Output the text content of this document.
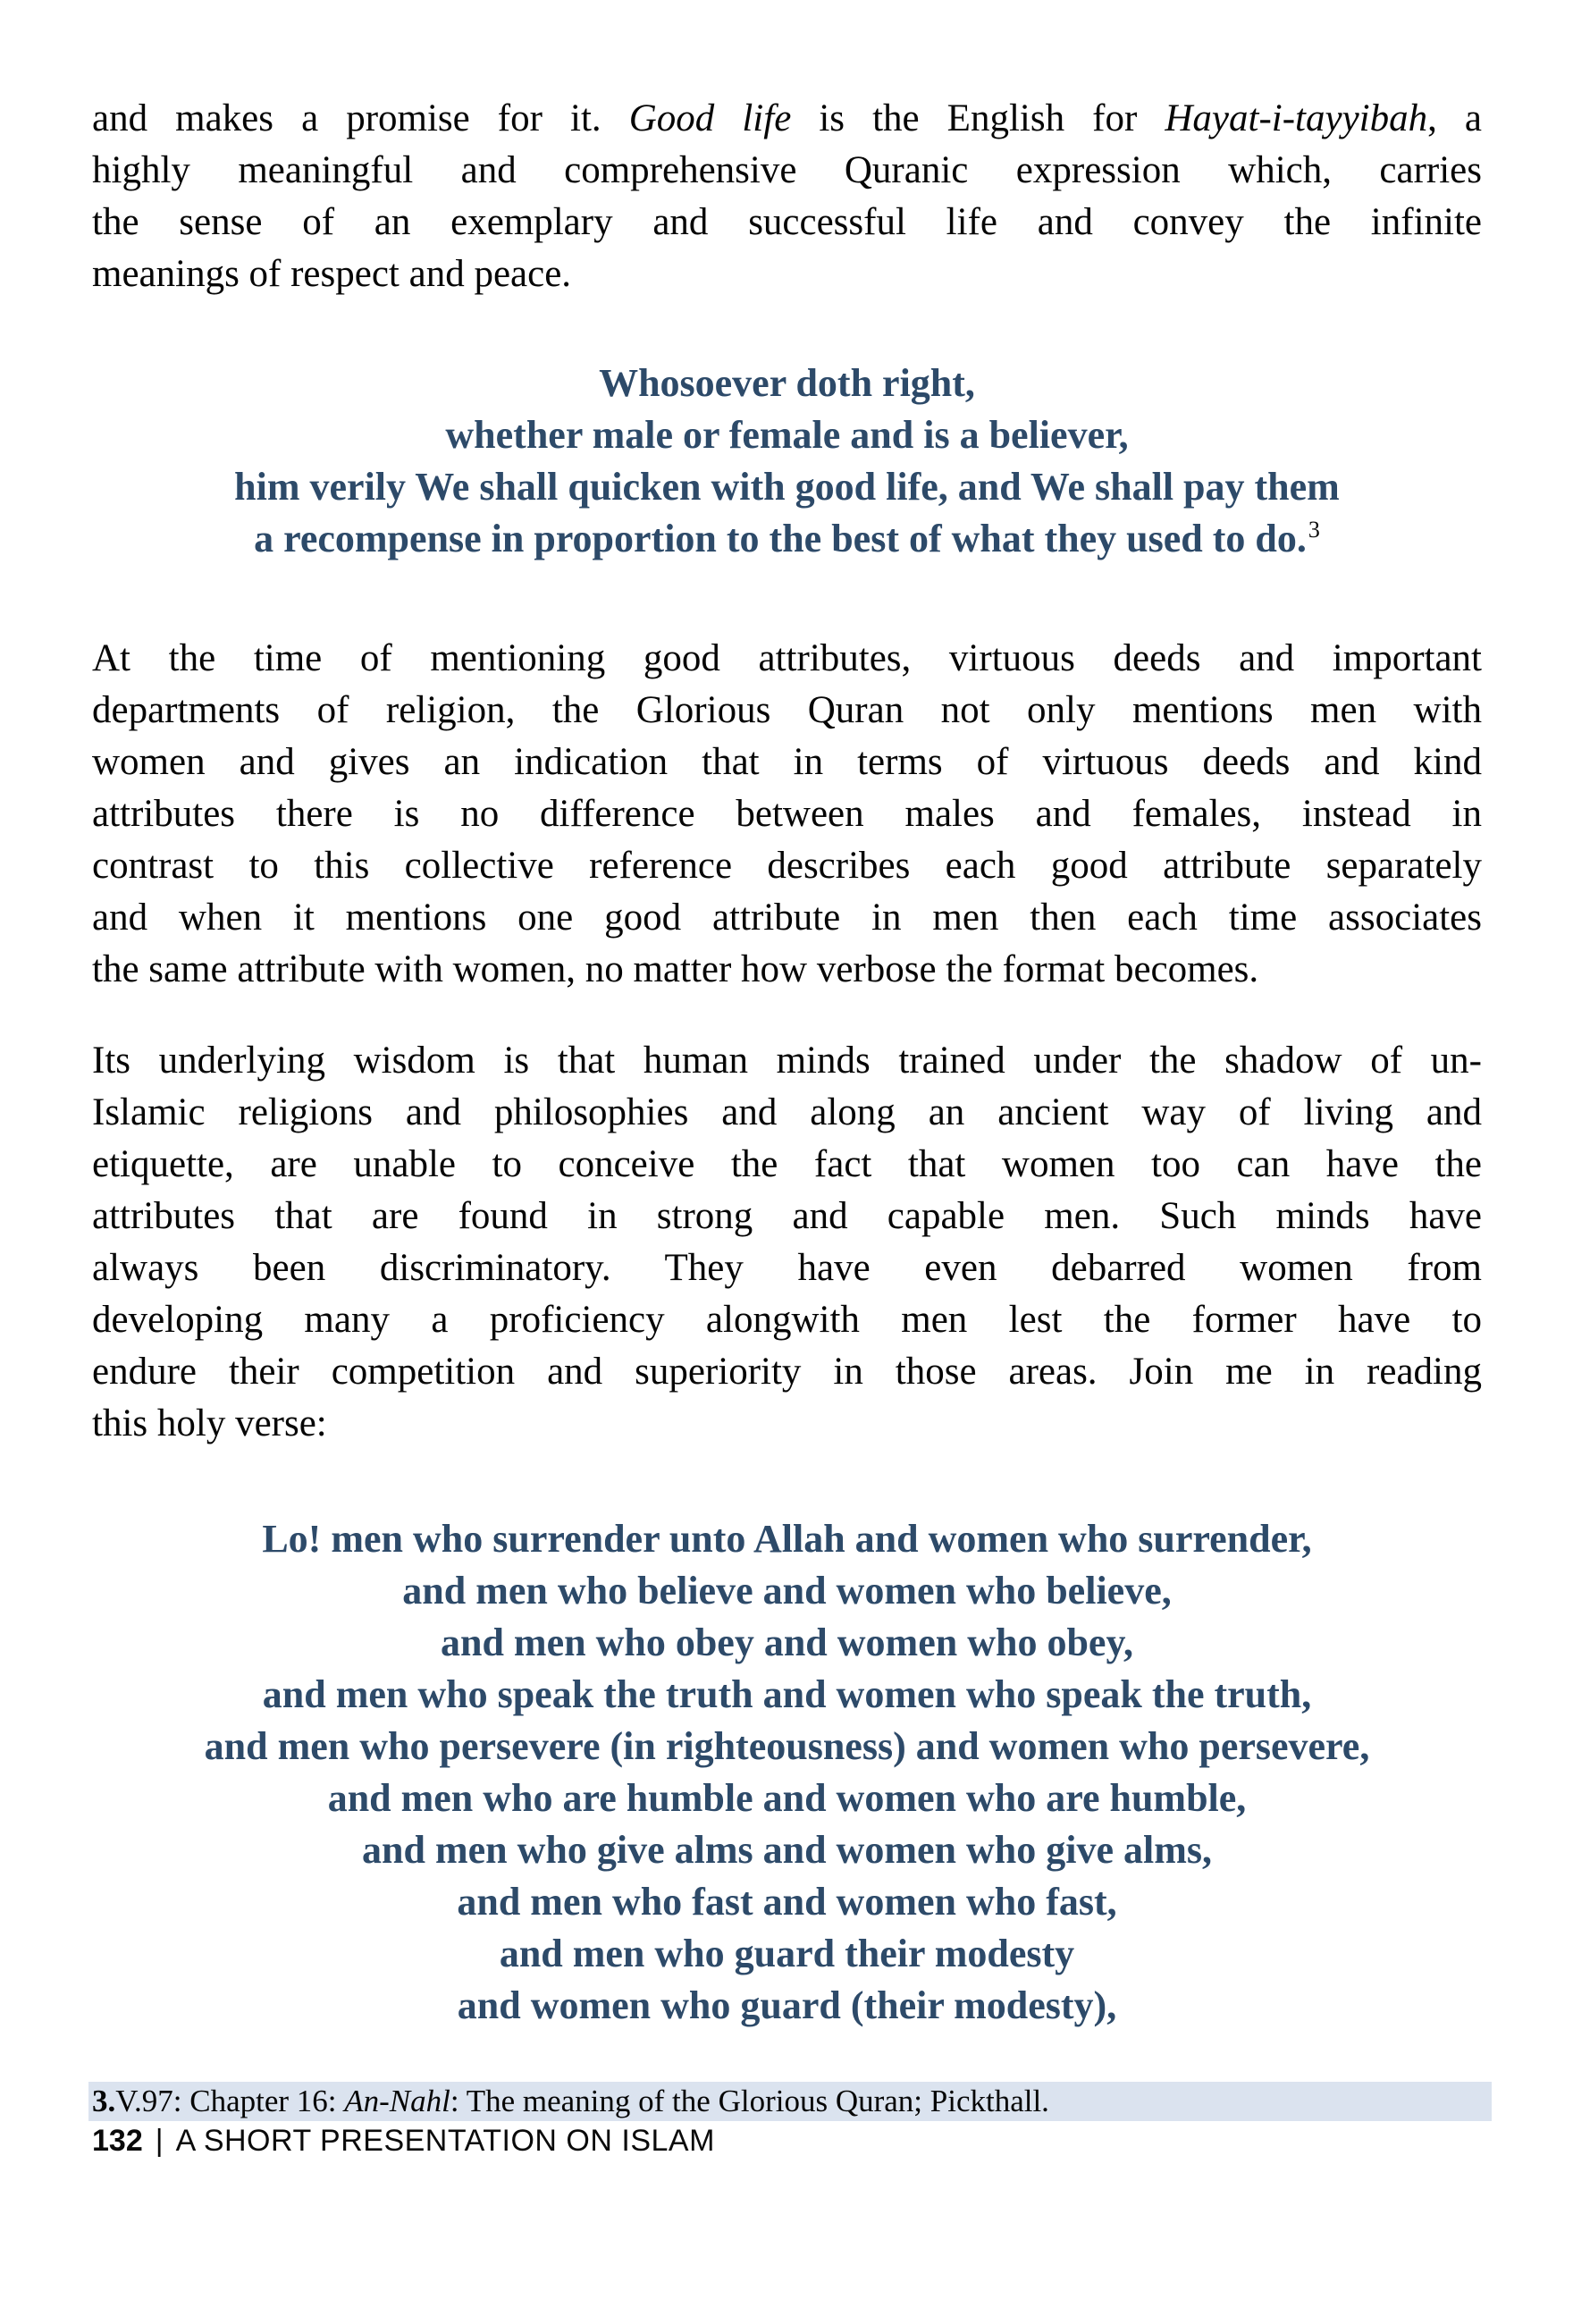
and makes a promise for it. Good life is the English for Hayat-i-tayyibah, a
highly meaningful and comprehensive Quranic expression which, carries
the sense of an exemplary and successful life and convey the infinite
meanings of respect and peace.
Whosoever doth right,
whether male or female and is a believer,
him verily We shall quicken with good life, and We shall pay them
a recompense in proportion to the best of what they used to do.$^3$
At the time of mentioning good attributes, virtuous deeds and important
departments of religion, the Glorious Quran not only mentions men with
women and gives an indication that in terms of virtuous deeds and kind
attributes there is no difference between males and females, instead in
contrast to this collective reference describes each good attribute separately
and when it mentions one good attribute in men then each time associates
the same attribute with women, no matter how verbose the format becomes.
Its underlying wisdom is that human minds trained under the shadow of un-
Islamic religions and philosophies and along an ancient way of living and
etiquette, are unable to conceive the fact that women too can have the
attributes that are found in strong and capable men. Such minds have
always been discriminatory. They have even debarred women from
developing many a proficiency alongwith men lest the former have to
endure their competition and superiority in those areas. Join me in reading
this holy verse:
Lo! men who surrender unto Allah and women who surrender,
and men who believe and women who believe,
and men who obey and women who obey,
and men who speak the truth and women who speak the truth,
and men who persevere (in righteousness) and women who persevere,
and men who are humble and women who are humble,
and men who give alms and women who give alms,
and men who fast and women who fast,
and men who guard their modesty
and women who guard (their modesty),
3.V.97: Chapter 16: An-Nahl: The meaning of the Glorious Quran; Pickthall.
132 | A SHORT PRESENTATION ON ISLAM
